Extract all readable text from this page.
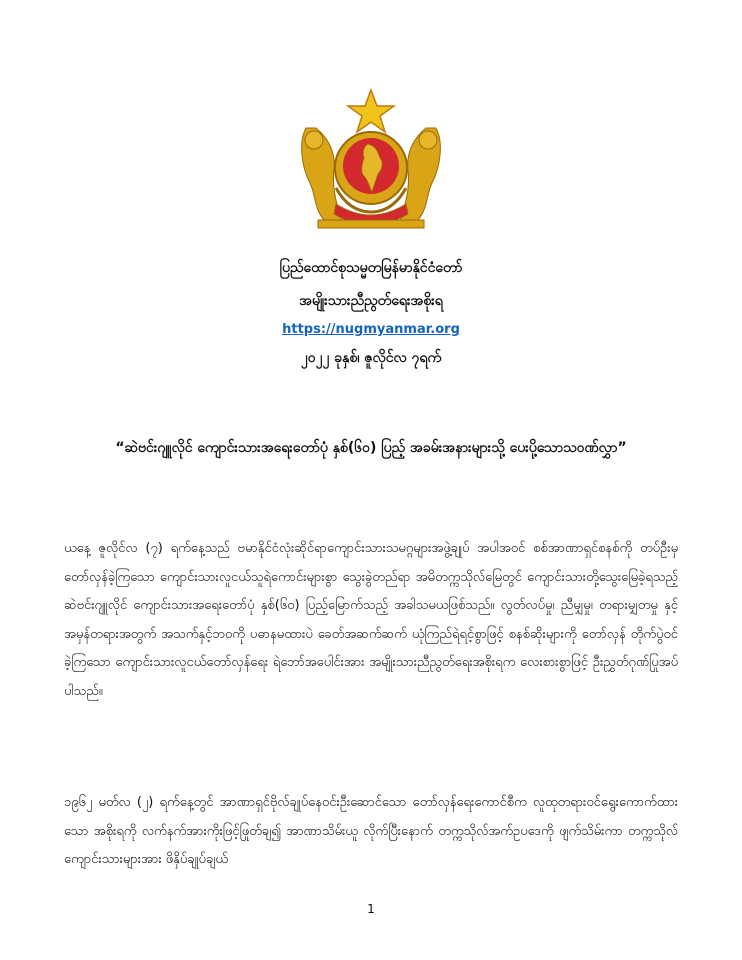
ပြည်ထောင်စုသမ္မတမြန်မာနိုင်ငံတော်
အမျိုးသားညီညွတ်ရေးအစိုးရ
https://nugmyanmar.org
၂၀၂၂ ခုနှစ်၊ ဇူလိုင်လ ၇ရက်
“ဆဲဗင်းဂျူလိုင် ကျောင်းသားအရေးတော်ပုံ နှစ်(၆၀) ပြည့် အခမ်းအနားများသို့ ပေးပို့သောသဝဏ်လွှာ”

ယနေ့ ဇူလိုင်လ (၇) ရက်နေ့သည် ဗမာနိုင်ငံလုံးဆိုင်ရာကျောင်းသားသမဂ္ဂများအဖွဲ့ချုပ် အပါအဝင် စစ်အာဏာရှင်စနစ်ကို တပ်ဦးမှ တော်လှန်ခဲ့ကြသော ကျောင်းသားလူငယ်သူရဲကောင်းများစွာ သွေးခွဲတည်ရာ အမိတက္ကသိုလ်မြေတွင် ကျောင်းသားတို့သွေးမြေခဲ့ရသည့် ဆဲဗင်းဂျူလိုင် ကျောင်းသားအရေးတော်ပုံ နှစ်(၆၀) ပြည့်မြောက်သည့် အခါသမယဖြစ်သည်။ လွတ်လပ်မှု၊ ညီမျှမှု၊ တရားမျှတမှု နှင့် အမှန်တရားအတွက် အသက်နှင့်ဘဝကို ပဓာနမထားပဲ ခေတ်အဆက်ဆက် ယုံကြည်ရဲရင့်စွာဖြင့် စနစ်ဆိုးများကို တော်လှန် တိုက်ပွဲဝင်ခဲ့ကြသော ကျောင်းသားလူငယ်တော်လှန်ရေး ရဲဘော်အပေါင်းအား အမျိုးသားညီညွတ်ရေးအစိုးရက လေးစားစွာဖြင့် ဦးညွှတ်ဂုဏ်ပြုအပ်ပါသည်။

၁၉၆၂ မတ်လ (၂) ရက်နေ့တွင် အာဏာရှင်ဗိုလ်ချုပ်နေဝင်းဦးဆောင်သော တော်လှန်ရေးကောင်စီက လူထုတရားဝင်ရွေးကောက်ထားသော အစိုးရကို လက်နက်အားကိုးဖြင့်ဖြုတ်ချ၍ အာဏာသိမ်းယူ လိုက်ပြီးနောက် တက္ကသိုလ်အက်ဥပဒေကို ဖျက်သိမ်းကာ တက္ကသိုလ်ကျောင်းသားများအား ဖိနှိပ်ချုပ်ချယ်

1
